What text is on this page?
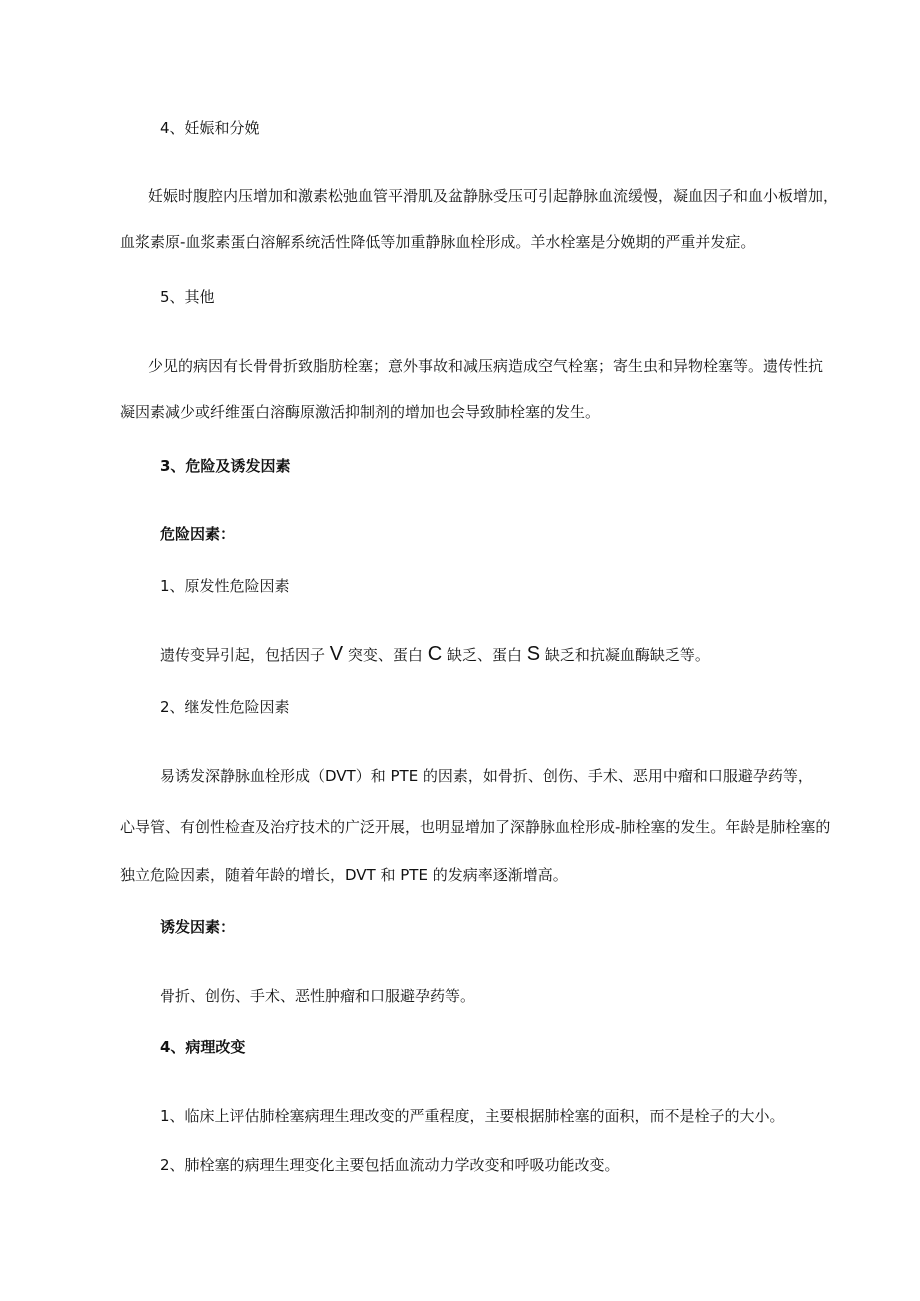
4、妊娠和分娩
妊娠时腹腔内压增加和激素松弛血管平滑肌及盆静脉受压可引起静脉血流缓慢，凝血因子和血小板增加，
血浆素原-血浆素蛋白溶解系统活性降低等加重静脉血栓形成。羊水栓塞是分娩期的严重并发症。
5、其他
少见的病因有长骨骨折致脂肪栓塞；意外事故和减压病造成空气栓塞；寄生虫和异物栓塞等。遗传性抗
凝因素减少或纤维蛋白溶酶原激活抑制剂的增加也会导致肺栓塞的发生。
3、危险及诱发因素
危险因素：
1、原发性危险因素
遗传变异引起，包括因子 V 突变、蛋白 C 缺乏、蛋白 S 缺乏和抗凝血酶缺乏等。
2、继发性危险因素
易诱发深静脉血栓形成（DVT）和 PTE 的因素，如骨折、创伤、手术、恶用中瘤和口服避孕药等，
心导管、有创性检查及治疗技术的广泛开展，也明显增加了深静脉血栓形成-肺栓塞的发生。年龄是肺栓塞的
独立危险因素，随着年龄的增长，DVT 和 PTE 的发病率逐渐增高。
诱发因素：
骨折、创伤、手术、恶性肿瘤和口服避孕药等。
4、病理改变
1、临床上评估肺栓塞病理生理改变的严重程度，主要根据肺栓塞的面积，而不是栓子的大小。
2、肺栓塞的病理生理变化主要包括血流动力学改变和呼吸功能改变。
